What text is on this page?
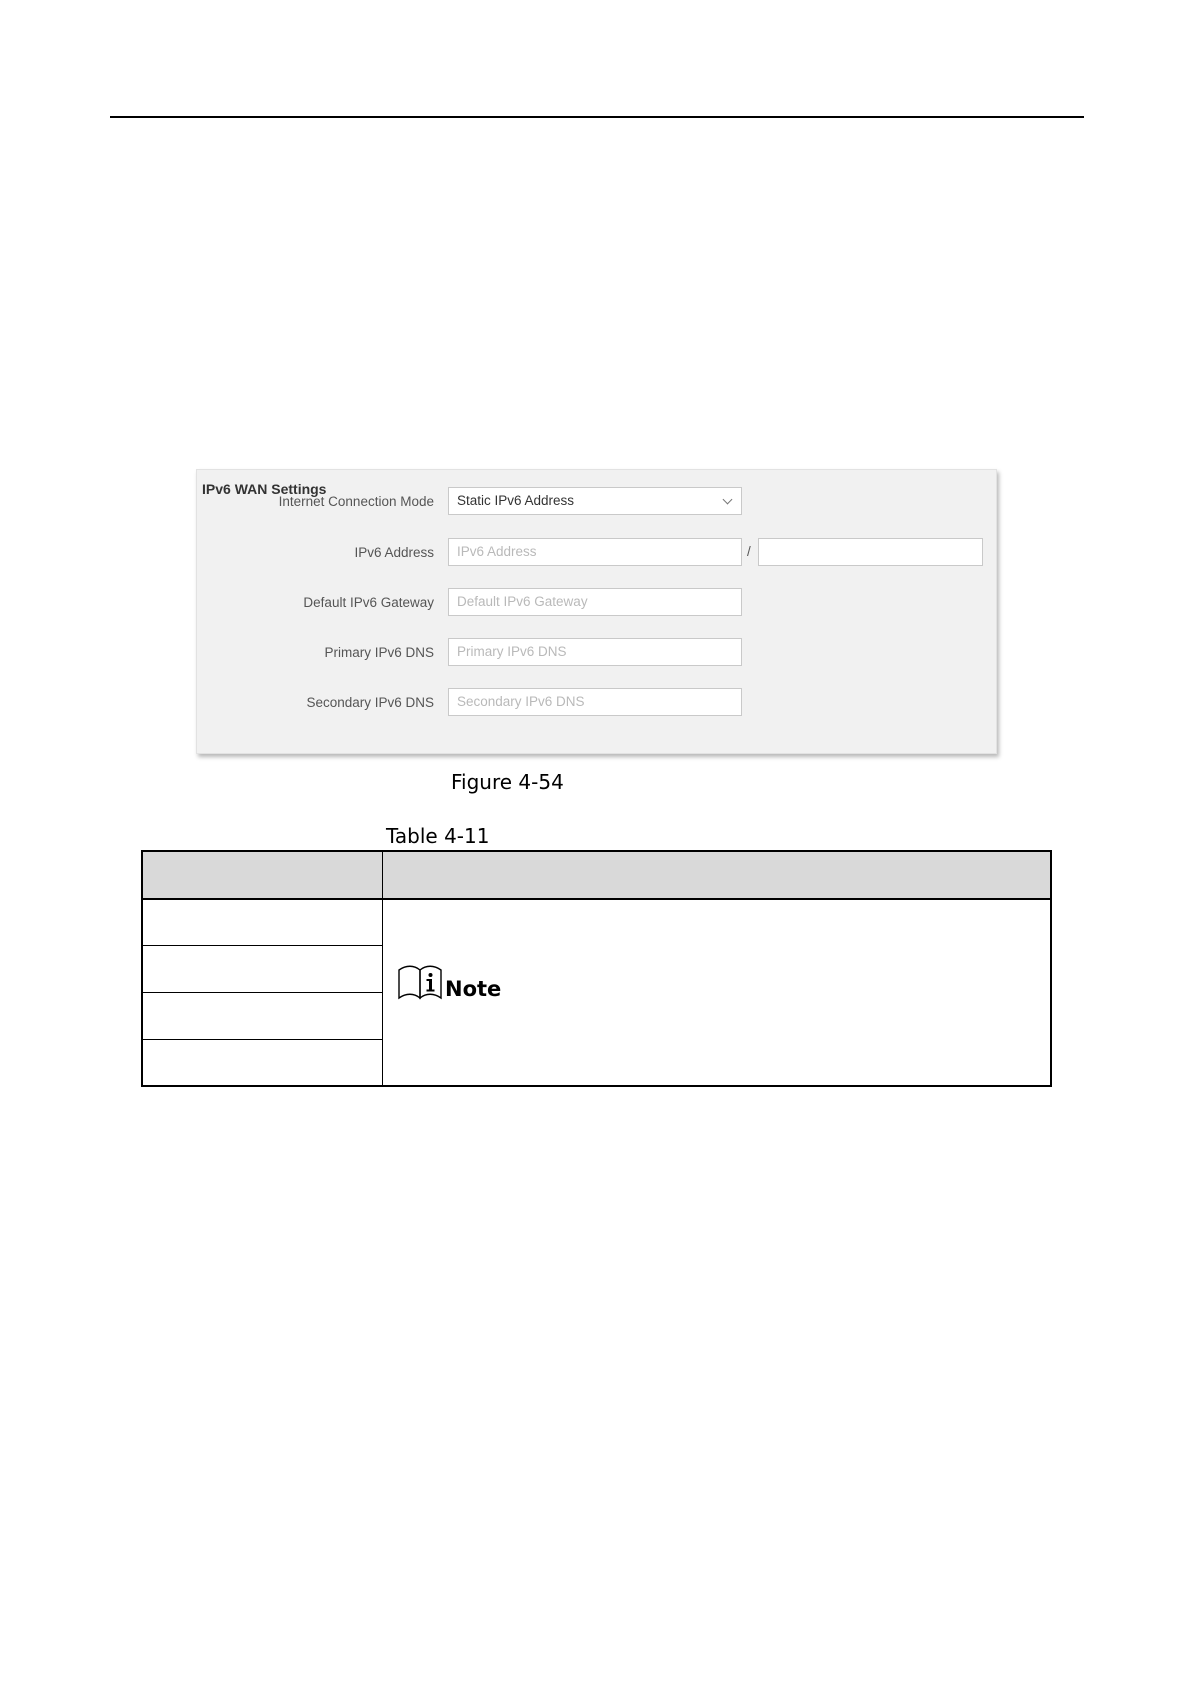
IPv6 WAN Settings
Internet Connection Mode	Static IPv6 Address
IPv6 Address	IPv6 Address	/
Default IPv6 Gateway	Default IPv6 Gateway
Primary IPv6 DNS	Primary IPv6 DNS
Secondary IPv6 DNS	Secondary IPv6 DNS
Figure 4-54
Table 4-11
Note
